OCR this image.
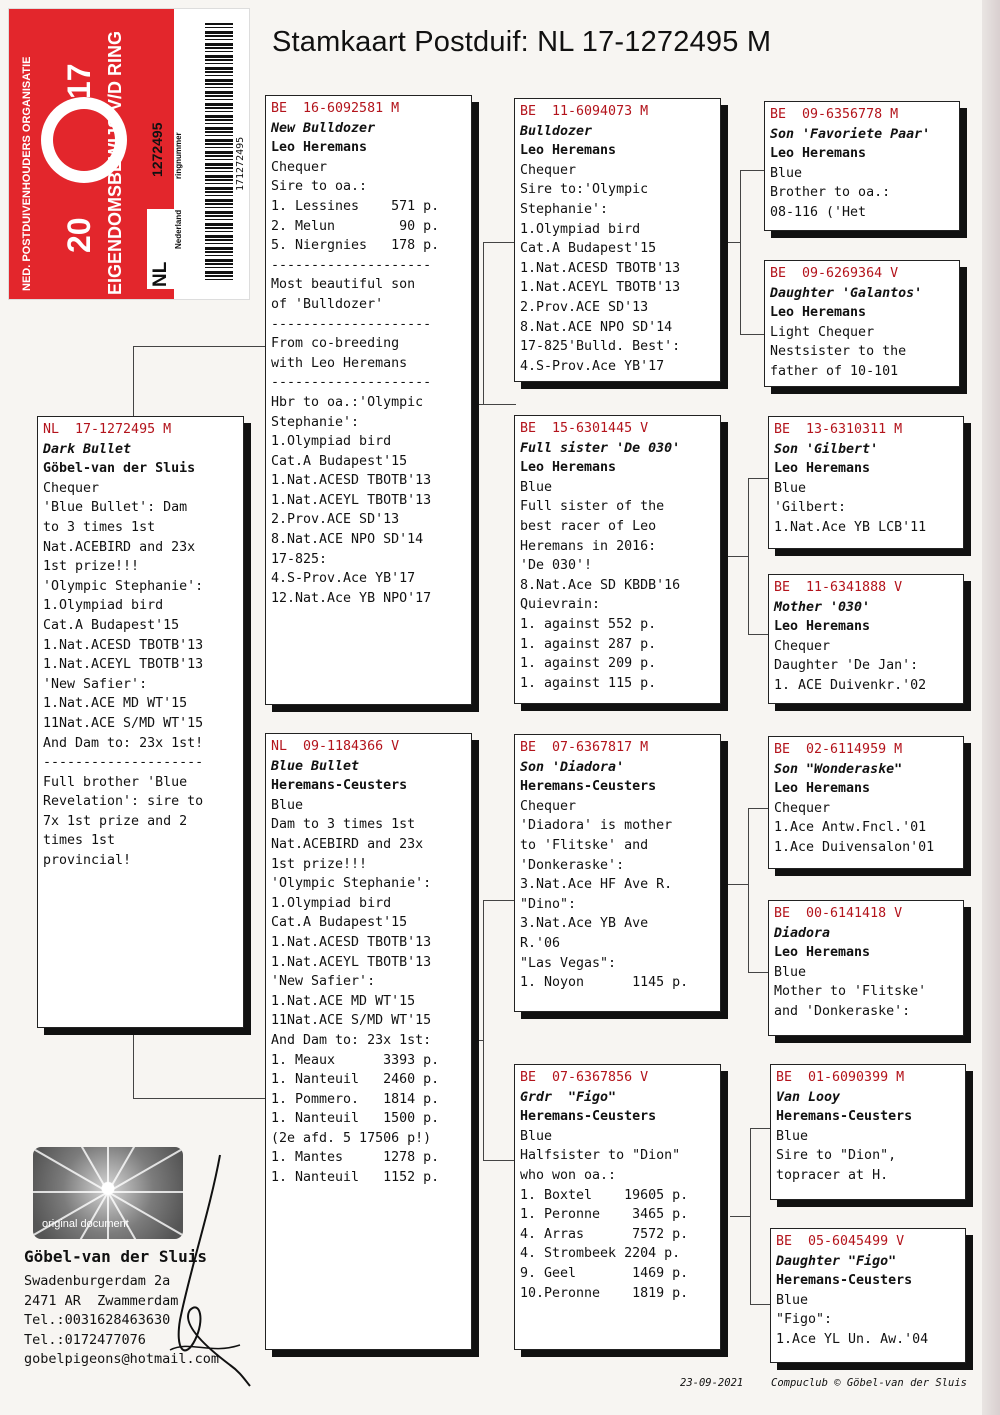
NED. POSTDUIVENHOUDERS ORGANISATIE 20
17 EIGENDOMSBEWIJS V/D RING NL
1272495
Nederland
ringnummer	171272495
Stamkaart Postduif: NL 17-1272495 M
NL  17-1272495 M
Dark Bullet
Göbel-van der Sluis
Chequer
'Blue Bullet': Dam
to 3 times 1st
Nat.ACEBIRD and 23x
1st prize!!!
'Olympic Stephanie':
1.Olympiad bird
Cat.A Budapest'15
1.Nat.ACESD TBOTB'13
1.Nat.ACEYL TBOTB'13
'New Safier':
1.Nat.ACE MD WT'15
11Nat.ACE S/MD WT'15
And Dam to: 23x 1st!
--------------------
Full brother 'Blue
Revelation': sire to
7x 1st prize and 2
times 1st
provincial!
BE  16-6092581 M
New Bulldozer
Leo Heremans
Chequer
Sire to oa.:
1. Lessines    571 p.
2. Melun        90 p.
5. Niergnies   178 p.
--------------------
Most beautiful son
of 'Bulldozer'
--------------------
From co-breeding
with Leo Heremans
--------------------
Hbr to oa.:'Olympic
Stephanie':
1.Olympiad bird
Cat.A Budapest'15
1.Nat.ACESD TBOTB'13
1.Nat.ACEYL TBOTB'13
2.Prov.ACE SD'13
8.Nat.ACE NPO SD'14
17-825:
4.S-Prov.Ace YB'17
12.Nat.Ace YB NPO'17
NL  09-1184366 V
Blue Bullet
Heremans-Ceusters
Blue
Dam to 3 times 1st
Nat.ACEBIRD and 23x
1st prize!!!
'Olympic Stephanie':
1.Olympiad bird
Cat.A Budapest'15
1.Nat.ACESD TBOTB'13
1.Nat.ACEYL TBOTB'13
'New Safier':
1.Nat.ACE MD WT'15
11Nat.ACE S/MD WT'15
And Dam to: 23x 1st:
1. Meaux      3393 p.
1. Nanteuil   2460 p.
1. Pommero.   1814 p.
1. Nanteuil   1500 p.
(2e afd. 5 17506 p!)
1. Mantes     1278 p.
1. Nanteuil   1152 p.
BE  11-6094073 M
Bulldozer
Leo Heremans
Chequer
Sire to:'Olympic
Stephanie':
1.Olympiad bird
Cat.A Budapest'15
1.Nat.ACESD TBOTB'13
1.Nat.ACEYL TBOTB'13
2.Prov.ACE SD'13
8.Nat.ACE NPO SD'14
17-825'Bulld. Best':
4.S-Prov.Ace YB'17
BE  15-6301445 V
Full sister 'De 030'
Leo Heremans
Blue
Full sister of the
best racer of Leo
Heremans in 2016:
'De 030'!
8.Nat.Ace SD KBDB'16
Quievrain:
1. against 552 p.
1. against 287 p.
1. against 209 p.
1. against 115 p.
BE  07-6367817 M
Son 'Diadora'
Heremans-Ceusters
Chequer
'Diadora' is mother
to 'Flitske' and
'Donkeraske':
3.Nat.Ace HF Ave R.
"Dino":
3.Nat.Ace YB Ave
R.'06
"Las Vegas":
1. Noyon      1145 p.
BE  07-6367856 V
Grdr  "Figo"
Heremans-Ceusters
Blue
Halfsister to "Dion"
who won oa.:
1. Boxtel    19605 p.
1. Peronne    3465 p.
4. Arras      7572 p.
4. Strombeek 2204 p.
9. Geel       1469 p.
10.Peronne    1819 p.
BE  09-6356778 M
Son 'Favoriete Paar'
Leo Heremans
Blue
Brother to oa.:
08-116 ('Het
BE  09-6269364 V
Daughter 'Galantos'
Leo Heremans
Light Chequer
Nestsister to the
father of 10-101
BE  13-6310311 M
Son 'Gilbert'
Leo Heremans
Blue
'Gilbert:
1.Nat.Ace YB LCB'11
BE  11-6341888 V
Mother '030'
Leo Heremans
Chequer
Daughter 'De Jan':
1. ACE Duivenkr.'02
BE  02-6114959 M
Son "Wonderaske"
Leo Heremans
Chequer
1.Ace Antw.Fncl.'01
1.Ace Duivensalon'01
BE  00-6141418 V
Diadora
Leo Heremans
Blue
Mother to 'Flitske'
and 'Donkeraske':
BE  01-6090399 M
Van Looy
Heremans-Ceusters
Blue
Sire to "Dion",
topracer at H.
BE  05-6045499 V
Daughter "Figo"
Heremans-Ceusters
Blue
"Figo":
1.Ace YL Un. Aw.'04
original document
Göbel-van der Sluis
Swadenburgerdam 2a
2471 AR  Zwammerdam
Tel.:0031628463630
Tel.:0172477076
gobelpigeons@hotmail.com
23-09-2021	Compuclub © Göbel-van der Sluis
